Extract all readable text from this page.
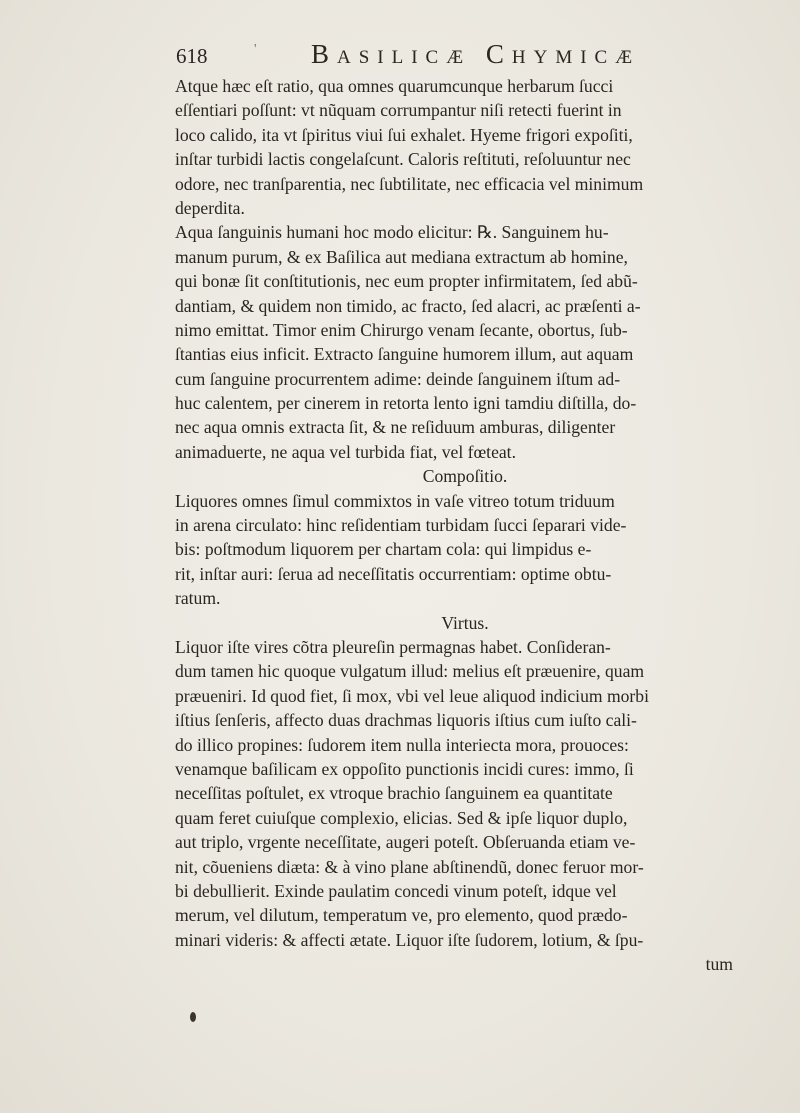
618	' Basilicæ Chymicæ
Atque hæc eſt ratio, qua omnes quarumcunque herbarum ſucci
eſſentiari poſſunt: vt nũquam corrumpantur niſi retecti fuerint in
loco calido, ita vt ſpiritus viui ſui exhalet. Hyeme frigori expoſiti,
inſtar turbidi lactis congelaſcunt. Caloris reſtituti, reſoluuntur nec
odore, nec tranſparentia, nec ſubtilitate, nec efficacia vel minimum
deperdita.
Aqua ſanguinis humani hoc modo elicitur: ℞. Sanguinem hu-
manum purum, & ex Baſilica aut mediana extractum ab homine,
qui bonæ ſit conſtitutionis, nec eum propter infirmitatem, ſed abũ-
dantiam, & quidem non timido, ac fracto, ſed alacri, ac præſenti a-
nimo emittat. Timor enim Chirurgo venam ſecante, obortus, ſub-
ſtantias eius inficit. Extracto ſanguine humorem illum, aut aquam
cum ſanguine procurrentem adime: deinde ſanguinem iſtum ad-
huc calentem, per cinerem in retorta lento igni tamdiu diſtilla, do-
nec aqua omnis extracta ſit, & ne reſiduum amburas, diligenter
animaduerte, ne aqua vel turbida fiat, vel fœteat.
Compoſitio.
Liquores omnes ſimul commixtos in vaſe vitreo totum triduum
in arena circulato: hinc reſidentiam turbidam ſucci ſeparari vide-
bis: poſtmodum liquorem per chartam cola: qui limpidus e-
rit, inſtar auri: ſerua ad neceſſitatis occurrentiam: optime obtu-
ratum.
Virtus.
Liquor iſte vires cõtra pleureſin permagnas habet. Conſideran-
dum tamen hic quoque vulgatum illud: melius eſt præuenire, quam
præueniri. Id quod fiet, ſi mox, vbi vel leue aliquod indicium morbi
iſtius ſenſeris, affecto duas drachmas liquoris iſtius cum iuſto cali-
do illico propines: ſudorem item nulla interiecta mora, prouoces:
venamque baſilicam ex oppoſito punctionis incidi cures: immo, ſi
neceſſitas poſtulet, ex vtroque brachio ſanguinem ea quantitate
quam feret cuiuſque complexio, elicias. Sed & ipſe liquor duplo,
aut triplo, vrgente neceſſitate, augeri poteſt. Obſeruanda etiam ve-
nit, cõueniens diæta: & à vino plane abſtinendũ, donec feruor mor-
bi debullierit. Exinde paulatim concedi vinum poteſt, idque vel
merum, vel dilutum, temperatum ve, pro elemento, quod prædo-
minari videris: & affecti ætate. Liquor iſte ſudorem, lotium, & ſpu-
tum
